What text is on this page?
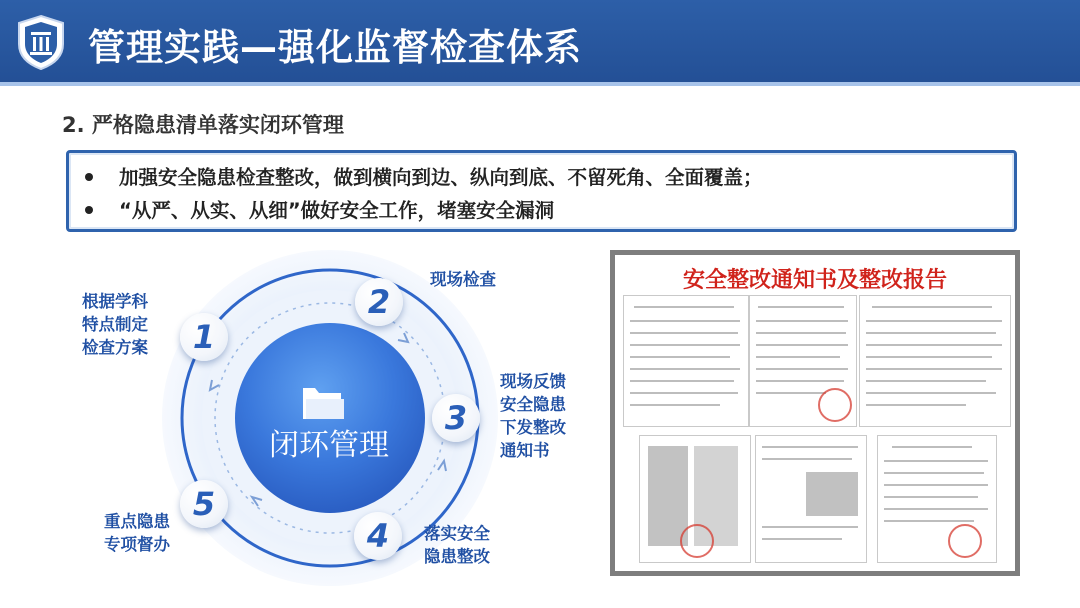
管理实践—强化监督检查体系
2. 严格隐患清单落实闭环管理
加强安全隐患检查整改，做到横向到边、纵向到底、不留死角、全面覆盖；
“从严、从实、从细”做好安全工作，堵塞安全漏洞
闭环管理
1
2
3
4
5
根据学科
特点制定
检查方案
现场检查
现场反馈
安全隐患
下发整改
通知书
落实安全
隐患整改
重点隐患
专项督办
安全整改通知书及整改报告
